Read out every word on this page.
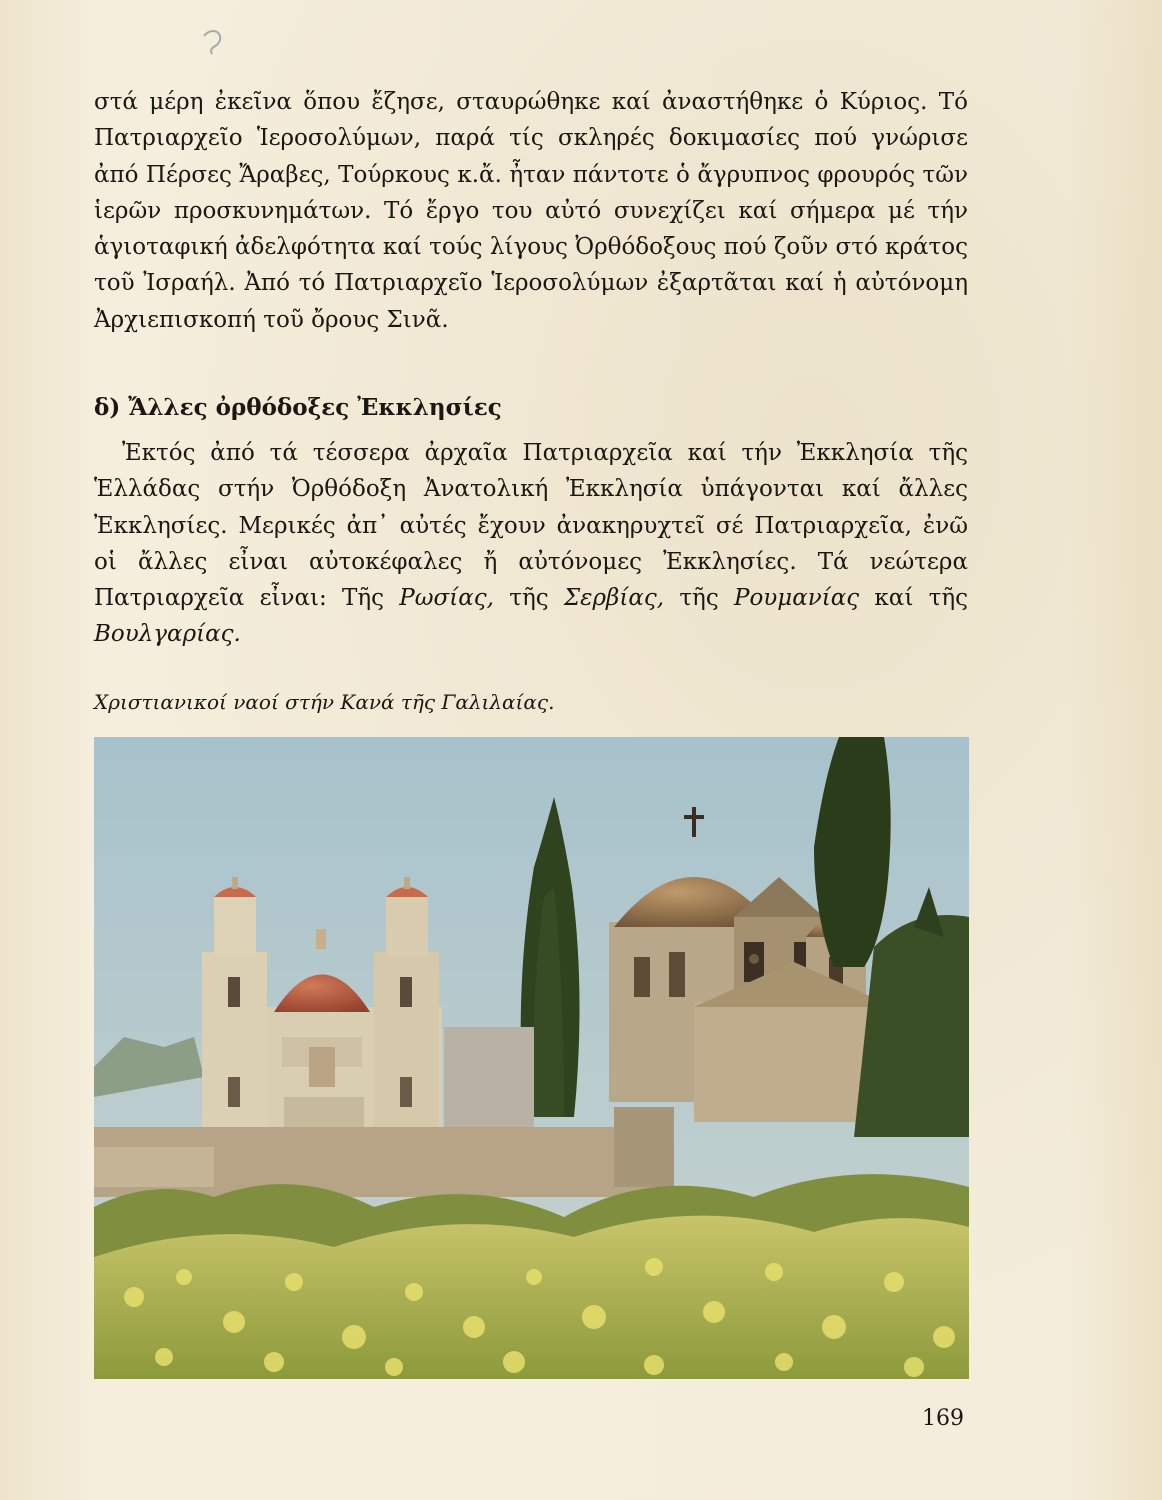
στά μέρη ἐκεῖνα ὅπου ἔζησε, σταυρώθηκε καί ἀναστήθηκε ὁ Κύριος. Τό Πατριαρχεῖο Ἱεροσολύμων, παρά τίς σκληρές δοκιμασίες πού γνώρισε ἀπό Πέρσες Ἄραβες, Τούρκους κ.ἄ. ἦταν πάντοτε ὁ ἄγρυπνος φρουρός τῶν ἱερῶν προσκυνημάτων. Τό ἔργο του αὐτό συνεχίζει καί σήμερα μέ τήν ἁγιοταφική ἀδελφότητα καί τούς λίγους Ὀρθόδοξους πού ζοῦν στό κράτος τοῦ Ἰσραήλ. Ἀπό τό Πατριαρχεῖο Ἱεροσολύμων ἐξαρτᾶται καί ἡ αὐτόνομη Ἀρχιεπισκοπή τοῦ ὄρους Σινᾶ.

δ) Ἄλλες ὀρθόδοξες Ἐκκλησίες

Ἐκτός ἀπό τά τέσσερα ἀρχαῖα Πατριαρχεῖα καί τήν Ἐκκλησία τῆς Ἑλλάδας στήν Ὀρθόδοξη Ἀνατολική Ἐκκλησία ὑπάγονται καί ἄλλες Ἐκκλησίες. Μερικές ἀπ᾽ αὐτές ἔχουν ἀνακηρυχτεῖ σέ Πατριαρχεῖα, ἐνῶ οἱ ἄλλες εἶναι αὐτοκέφαλες ἤ αὐτόνομες Ἐκκλησίες. Τά νεώτερα Πατριαρχεῖα εἶναι: Τῆς Ρωσίας, τῆς Σερβίας, τῆς Ρουμανίας καί τῆς Βουλγαρίας.

Χριστιανικοί ναοί στήν Κανά τῆς Γαλιλαίας.

169
